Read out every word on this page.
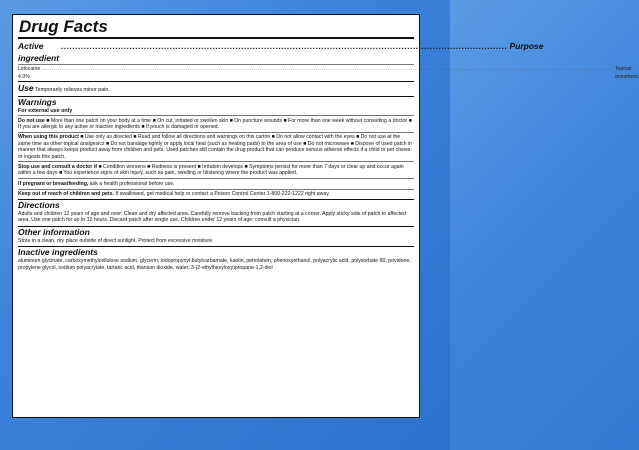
Drug Facts
Active ingredient
............................................................................................................................................................ Purpose
Lidocaine 4.0%
...................................................................................................................................................................................................................................................................................................... Topical anesthetic
Use Temporarily relieves minor pain.
Warnings
For external use only

Do not use ■ More than one patch on your body at a time ■ On cut, irritated or swollen skin ■ On puncture wounds ■ For more than one week without consulting a doctor ■ If you are allergic to any active or inactive ingredients ■ If pouch is damaged or opened.

When using this product ■ Use only as directed ■ Read and follow all directions and warnings on this carton ■ Do not allow contact with the eyes ■ Do not use at the same time as other topical analgesics ■ Do not bandage tightly or apply local heat (such as heating pads) to the area of use ■ Do not microwave ■ Dispose of used patch in manner that always keeps product away from children and pets. Used patches still contain the drug product that can produce serious adverse effects if a child or pet chews or ingests this patch.

Stop use and consult a doctor if ■ Condition worsens ■ Redness is present ■ Irritation develops ■ Symptoms persist for more than 7 days or clear up and occur again within a few days ■ You experience signs of skin injury, such as pain, swelling or blistering where the product was applied.

If pregnant or breastfeeding, ask a health professional before use.

Keep out of reach of children and pets. If swallowed, get medical help or contact a Poison Control Center 1-800-222-1222 right away.

Directions

Adults and children 12 years of age and over: Clean and dry affected area. Carefully remove backing from patch starting at a corner. Apply sticky side of patch to affected area. Use one patch for up to 12 hours. Discard patch after single use. Children under 12 years of age: consult a physician.

Other information

Store in a clean, dry place outside of direct sunlight. Protect from excessive moisture.

Inactive ingredients

aluminum glycinate, carboxymethylcellulose sodium, glycerin, iodopropynyl butylcarbamate, kaolin, petrolatum, phenoxyethanol, polyacrylic acid, polysorbate 80, povidone, propylene glycol, sodium polyacrylate, tartaric acid, titanium dioxide, water, 3-(2-ethylhexyloxy)propane-1,2-diol
